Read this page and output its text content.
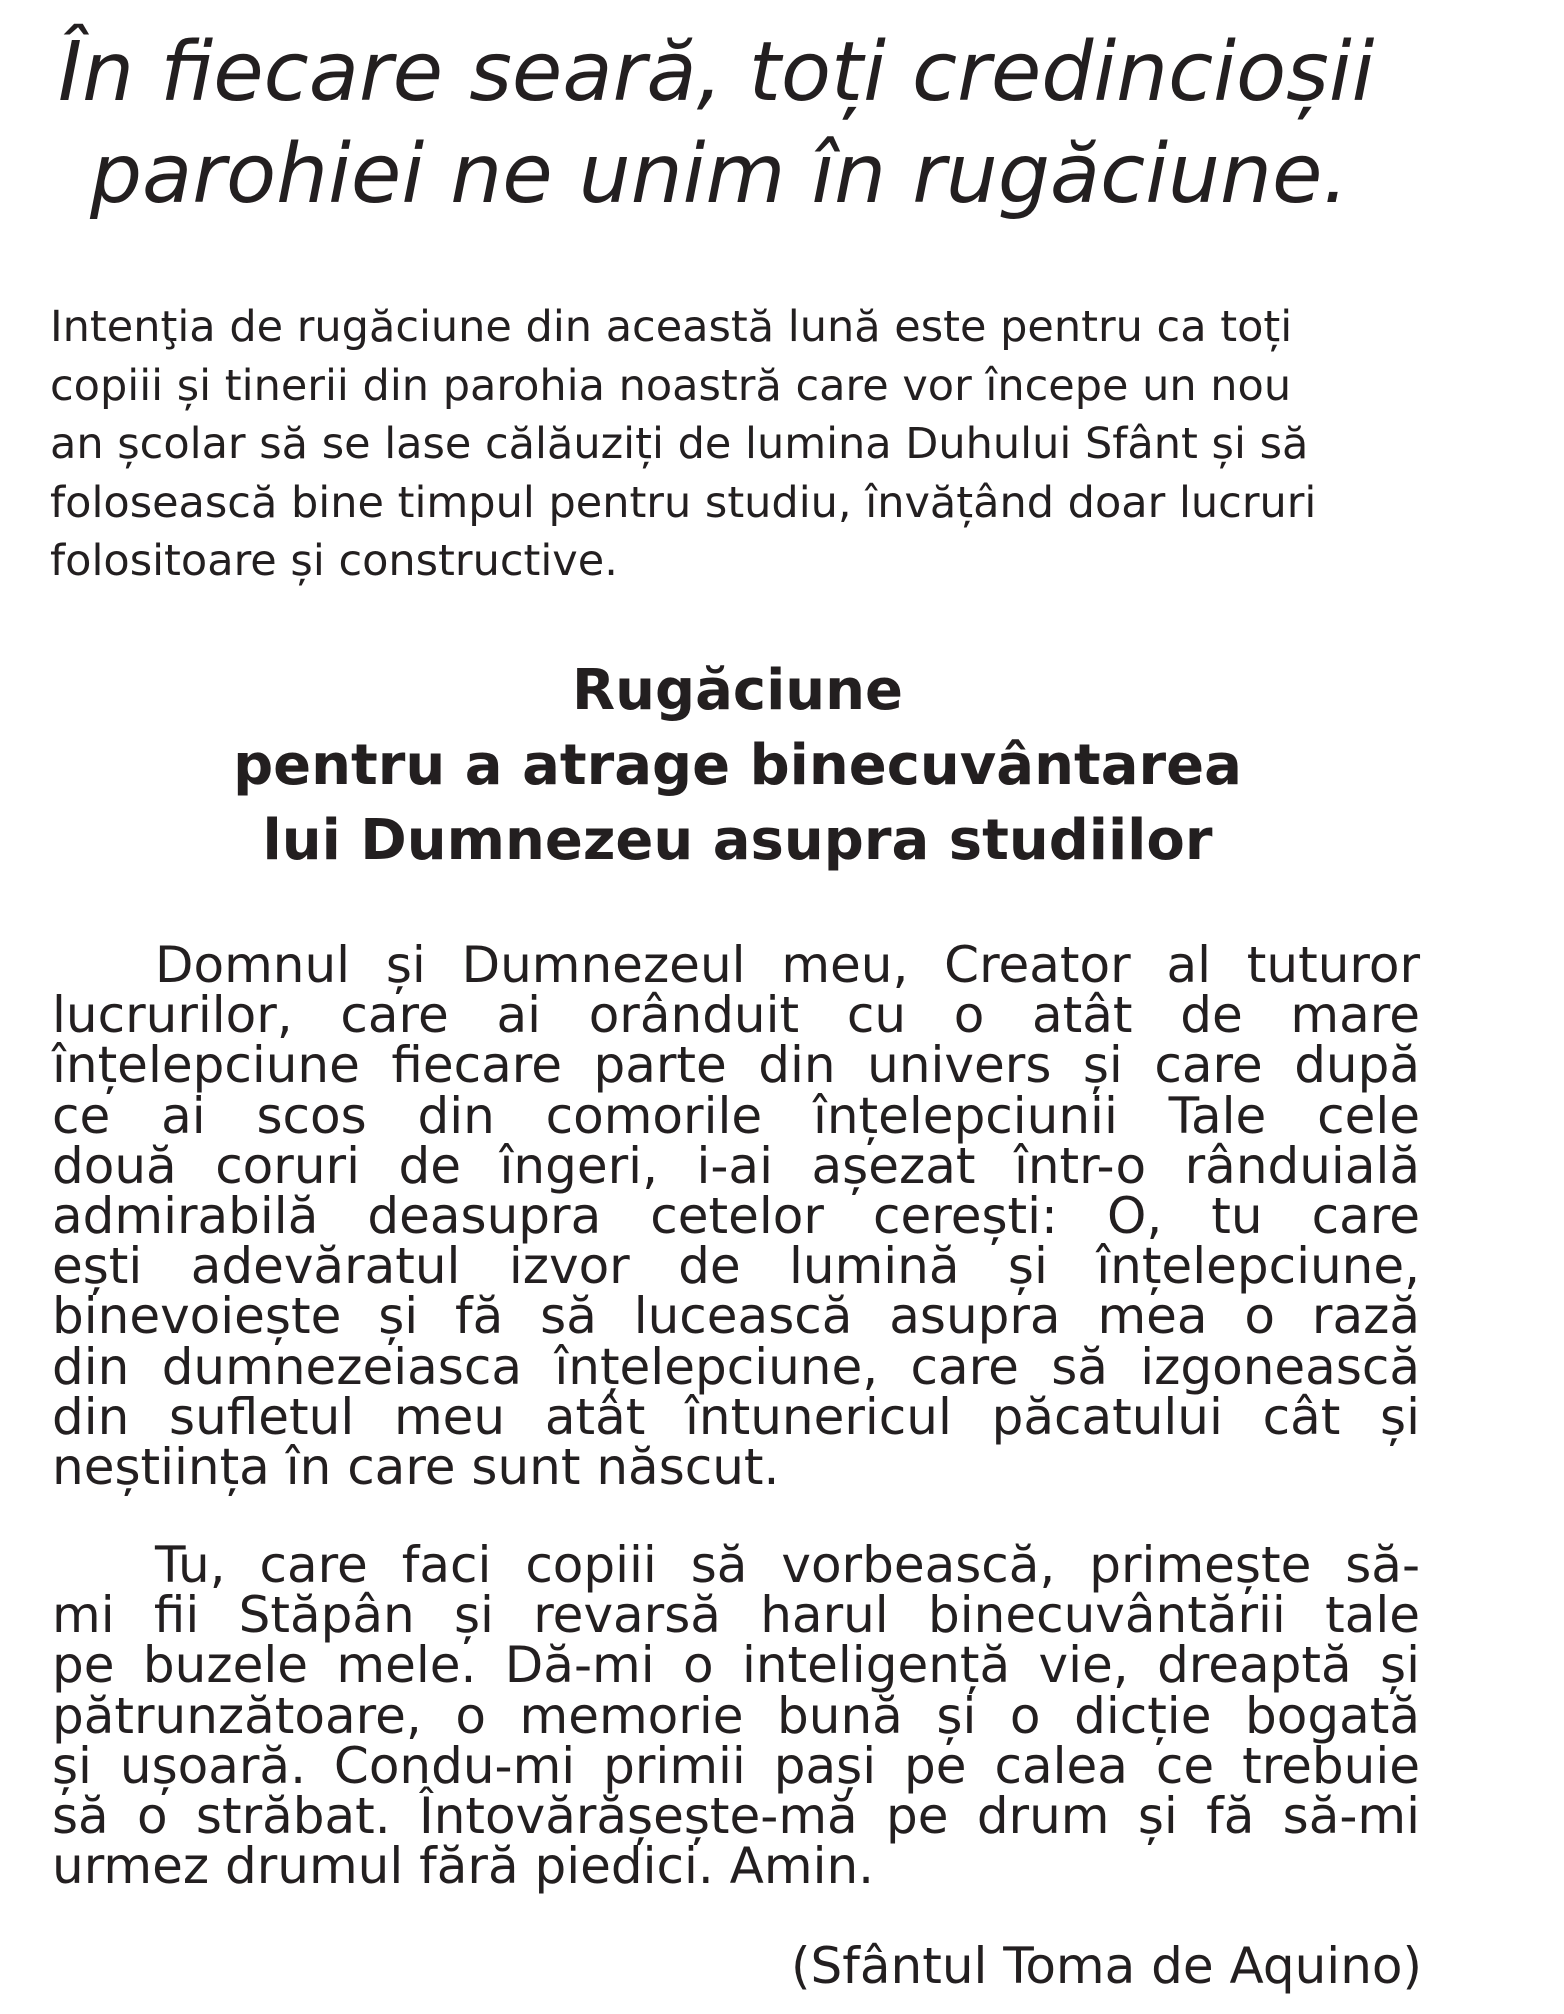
În fiecare seară, toți credincioșii
parohiei ne unim în rugăciune.
Intenţia de rugăciune din această lună este pentru ca toți
copiii și tinerii din parohia noastră care vor începe un nou
an școlar să se lase călăuziți de lumina Duhului Sfânt și să
folosească bine timpul pentru studiu, învățând doar lucruri
folositoare și constructive.
Rugăciune
pentru a atrage binecuvântarea
lui Dumnezeu asupra studiilor
Domnul și Dumnezeul meu, Creator al tuturor
lucrurilor, care ai orânduit cu o atât de mare
înțelepciune fiecare parte din univers și care după
ce ai scos din comorile înțelepciunii Tale cele
două coruri de îngeri, i-ai așezat într-o rânduială
admirabilă deasupra cetelor cerești: O, tu care
ești adevăratul izvor de lumină și înțelepciune,
binevoiește și fă să lucească asupra mea o rază
din dumnezeiasca înțelepciune, care să izgonească
din sufletul meu atât întunericul păcatului cât și
neștiința în care sunt născut.
Tu, care faci copiii să vorbească, primește să-
mi fii Stăpân și revarsă harul binecuvântării tale
pe buzele mele. Dă-mi o inteligență vie, dreaptă și
pătrunzătoare, o memorie bună și o dicție bogată
și ușoară. Condu-mi primii pași pe calea ce trebuie
să o străbat. Întovărășește-mă pe drum și fă să-mi
urmez drumul fără piedici. Amin.
(Sfântul Toma de Aquino)
